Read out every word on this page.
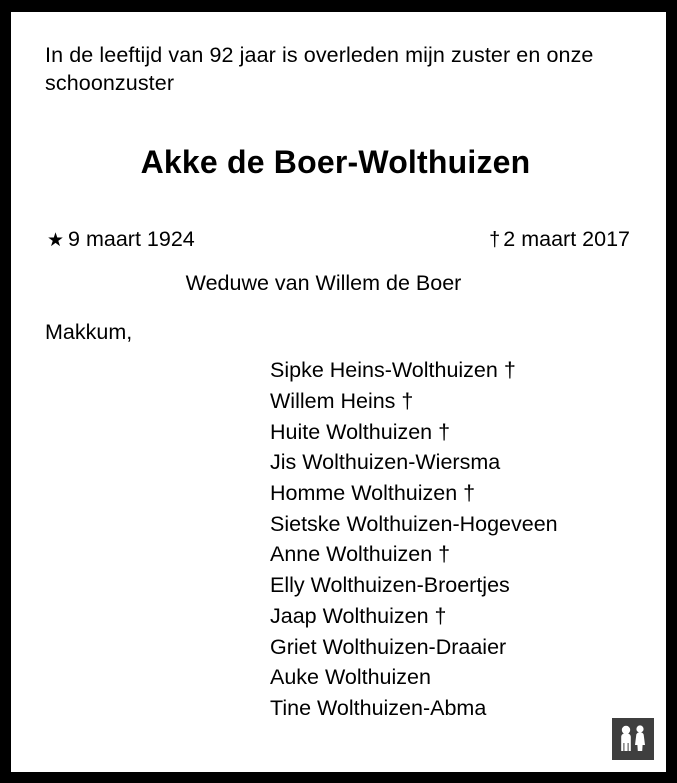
In de leeftijd van 92 jaar is overleden mijn zuster en onze schoonzuster

Akke de Boer-Wolthuizen
★ 9 maart 1924	† 2 maart 2017

Weduwe van Willem de Boer

Makkum,

Sipke Heins-Wolthuizen †
Willem Heins †
Huite Wolthuizen †
Jis Wolthuizen-Wiersma
Homme Wolthuizen †
Sietske Wolthuizen-Hogeveen
Anne Wolthuizen †
Elly Wolthuizen-Broertjes
Jaap Wolthuizen †
Griet Wolthuizen-Draaier
Auke Wolthuizen
Tine Wolthuizen-Abma
